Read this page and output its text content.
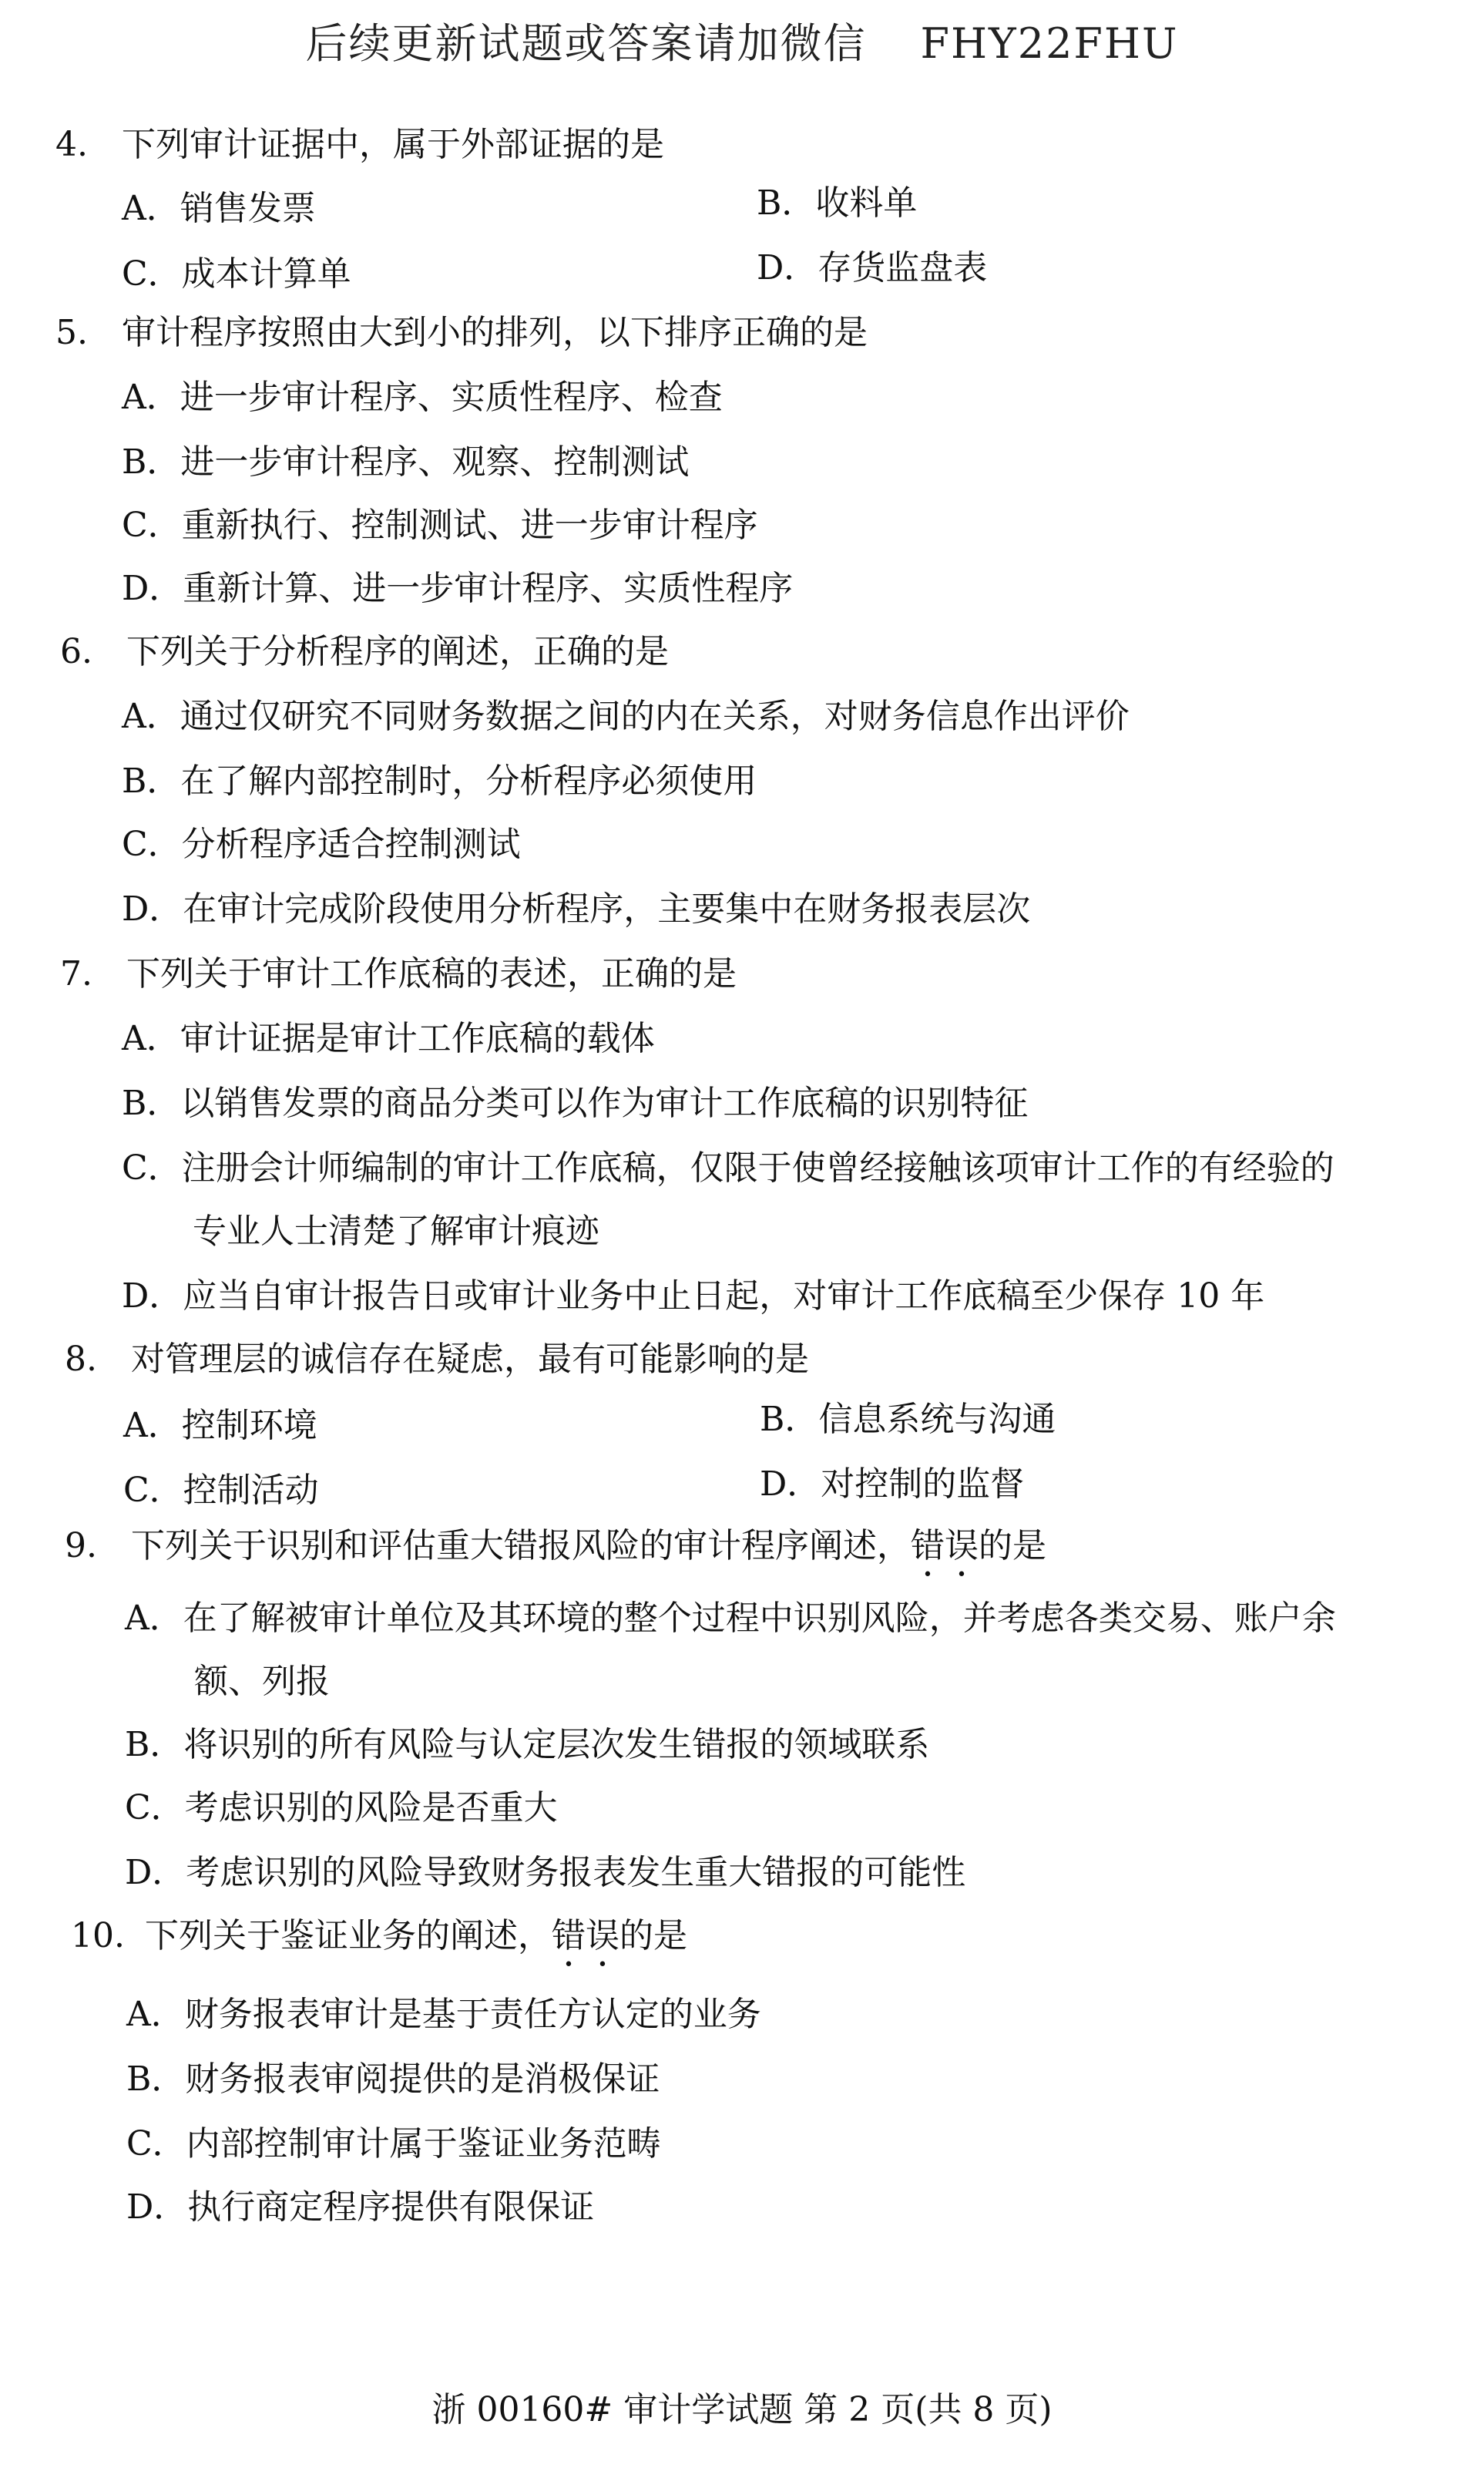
后续更新试题或答案请加微信 FHY22FHU
4. 下列审计证据中，属于外部证据的是
A．销售发票	B．收料单
C．成本计算单	D．存货监盘表
5. 审计程序按照由大到小的排列，以下排序正确的是
A．进一步审计程序、实质性程序、检查
B．进一步审计程序、观察、控制测试
C．重新执行、控制测试、进一步审计程序
D．重新计算、进一步审计程序、实质性程序
6. 下列关于分析程序的阐述，正确的是
A．通过仅研究不同财务数据之间的内在关系，对财务信息作出评价
B．在了解内部控制时，分析程序必须使用
C．分析程序适合控制测试
D．在审计完成阶段使用分析程序，主要集中在财务报表层次
7. 下列关于审计工作底稿的表述，正确的是
A．审计证据是审计工作底稿的载体
B．以销售发票的商品分类可以作为审计工作底稿的识别特征
C．注册会计师编制的审计工作底稿，仅限于使曾经接触该项审计工作的有经验的
专业人士清楚了解审计痕迹
D．应当自审计报告日或审计业务中止日起，对审计工作底稿至少保存 10 年
8. 对管理层的诚信存在疑虑，最有可能影响的是
A．控制环境	B．信息系统与沟通
C．控制活动	D．对控制的监督
9. 下列关于识别和评估重大错报风险的审计程序阐述，错误的是
A．在了解被审计单位及其环境的整个过程中识别风险，并考虑各类交易、账户余
额、列报
B．将识别的所有风险与认定层次发生错报的领域联系
C．考虑识别的风险是否重大
D．考虑识别的风险导致财务报表发生重大错报的可能性
10. 下列关于鉴证业务的阐述，错误的是
A．财务报表审计是基于责任方认定的业务
B．财务报表审阅提供的是消极保证
C．内部控制审计属于鉴证业务范畴
D．执行商定程序提供有限保证
浙 00160# 审计学试题 第 2 页(共 8 页)
